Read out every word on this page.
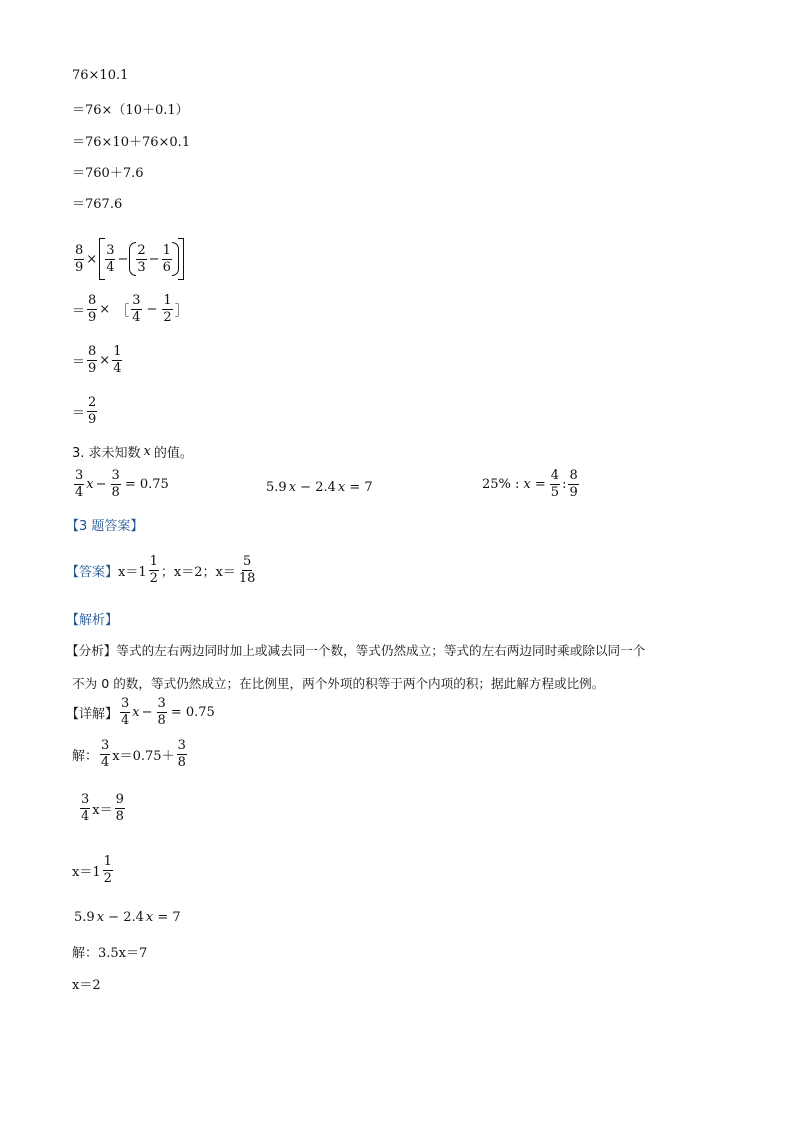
76×10.1
＝76×（10＋0.1）
＝76×10＋76×0.1
＝760＋7.6
＝767.6
$\frac{8}{9} \times \frac{3}{4} - \frac{2}{3} - \frac{1}{6}$
＝ $\frac{8}{9}$ × ［ $\frac{3}{4} - \frac{1}{2}$ ］
＝ $\frac{8}{9} \times \frac{1}{4}$
＝ $\frac{2}{9}$
3. 求未知数 x 的值。
$\frac{3}{4}$ $x - \frac{3}{8} = 0.75$	5.9 x − 2.4 x = 7	25% : $x = \frac{4}{5}$ : $\frac{8}{9}$
【3 题答案】
【答案】 $x=1 \frac{1}{2}$ ；x＝2；$x= \frac{5}{18}$
【解析】
【分析】等式的左右两边同时加上或减去同一个数，等式仍然成立；等式的左右两边同时乘或除以同一个
不为 0 的数，等式仍然成立；在比例里，两个外项的积等于两个内项的积；据此解方程或比例。
【详解】 $\frac{3}{4}$ $x - \frac{3}{8} = 0.75$
解： $\frac{3}{4} x=0.75+ \frac{3}{8}$
$\frac{3}{4} x= \frac{9}{8}$
$x=1 \frac{1}{2}$
5.9 x − 2.4 x = 7
解：3.5x＝7
x＝2
